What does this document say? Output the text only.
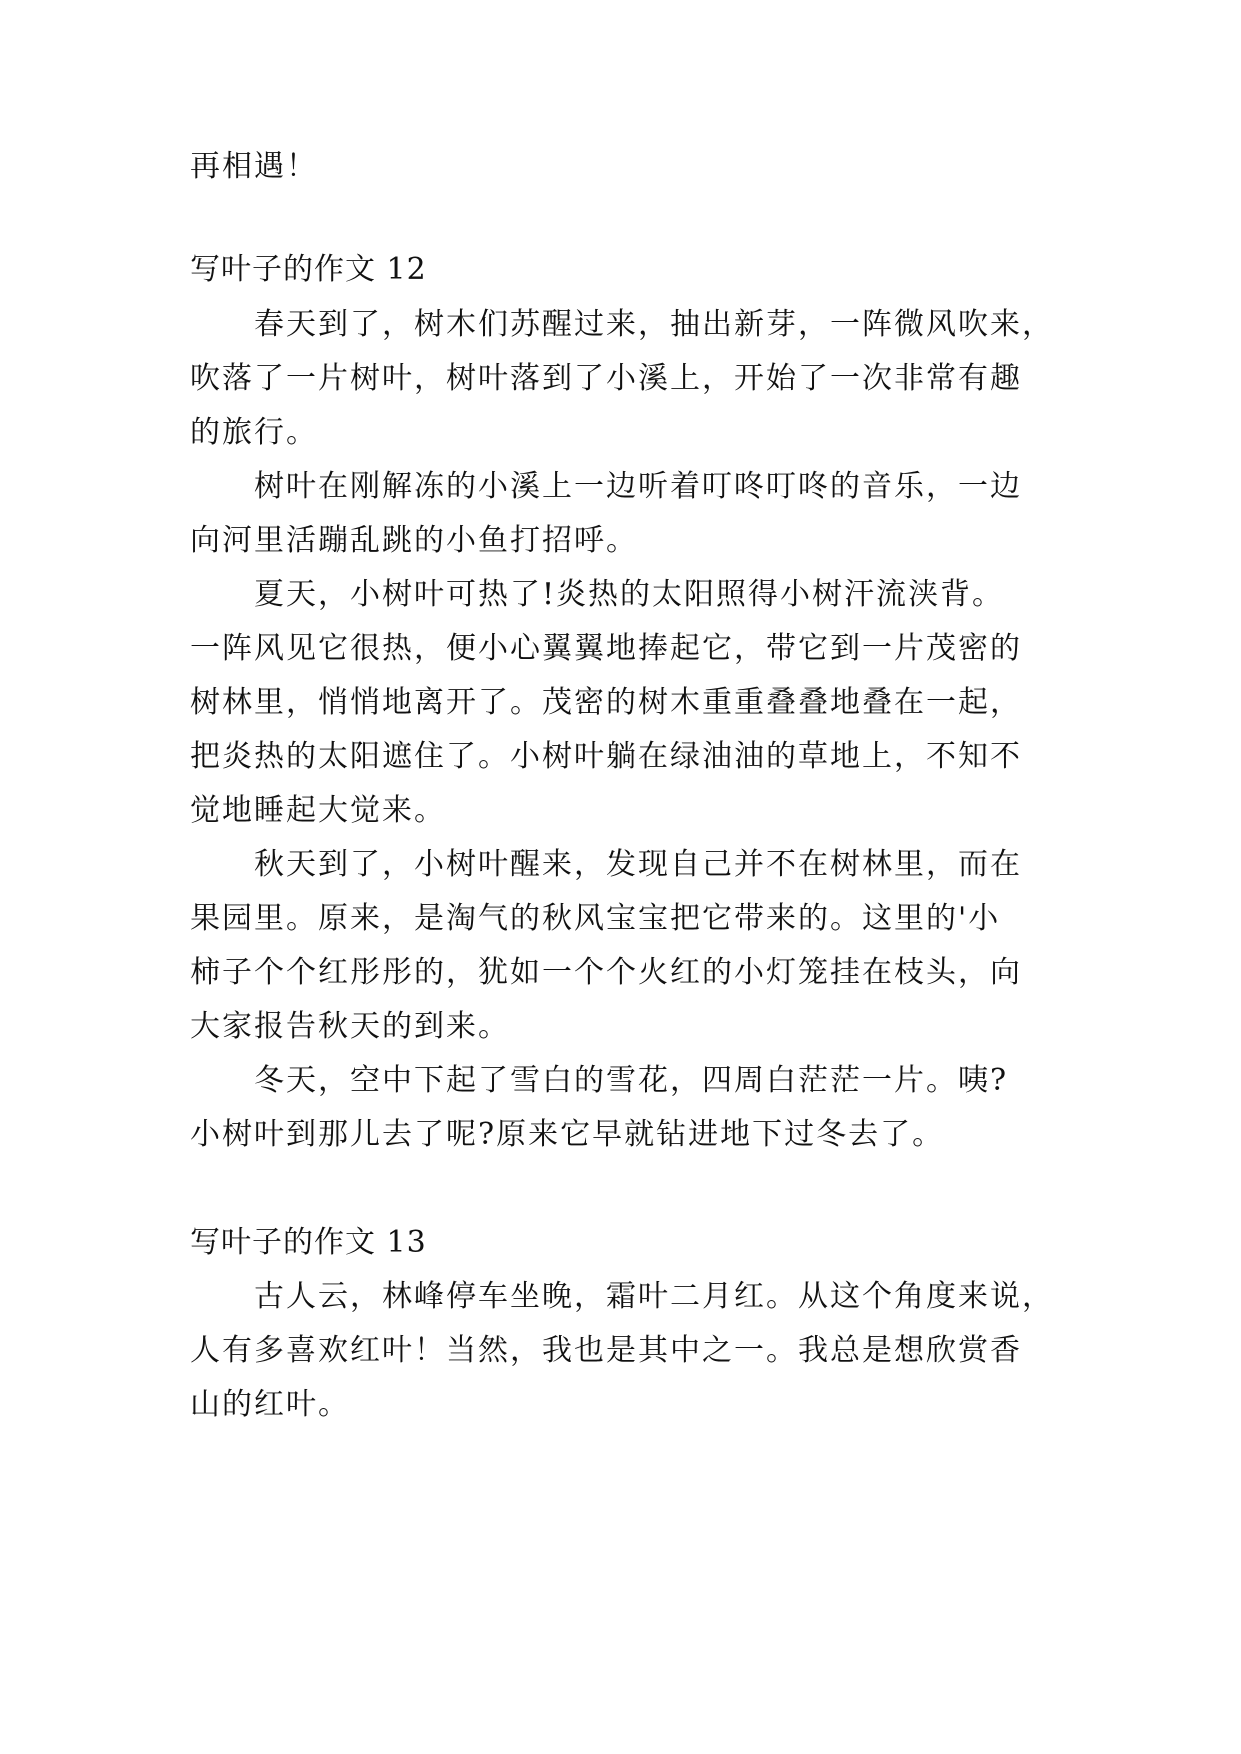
再相遇！
写叶子的作文 12
春天到了，树木们苏醒过来，抽出新芽，一阵微风吹来，
吹落了一片树叶，树叶落到了小溪上，开始了一次非常有趣
的旅行。
树叶在刚解冻的小溪上一边听着叮咚叮咚的音乐，一边
向河里活蹦乱跳的小鱼打招呼。
夏天，小树叶可热了!炎热的太阳照得小树汗流浃背。
一阵风见它很热，便小心翼翼地捧起它，带它到一片茂密的
树林里，悄悄地离开了。茂密的树木重重叠叠地叠在一起，
把炎热的太阳遮住了。小树叶躺在绿油油的草地上，不知不
觉地睡起大觉来。
秋天到了，小树叶醒来，发现自己并不在树林里，而在
果园里。原来，是淘气的秋风宝宝把它带来的。这里的'小
柿子个个红彤彤的，犹如一个个火红的小灯笼挂在枝头，向
大家报告秋天的到来。
冬天，空中下起了雪白的雪花，四周白茫茫一片。咦?
小树叶到那儿去了呢?原来它早就钻进地下过冬去了。
写叶子的作文 13
古人云，林峰停车坐晚，霜叶二月红。从这个角度来说，
人有多喜欢红叶！当然，我也是其中之一。我总是想欣赏香
山的红叶。
